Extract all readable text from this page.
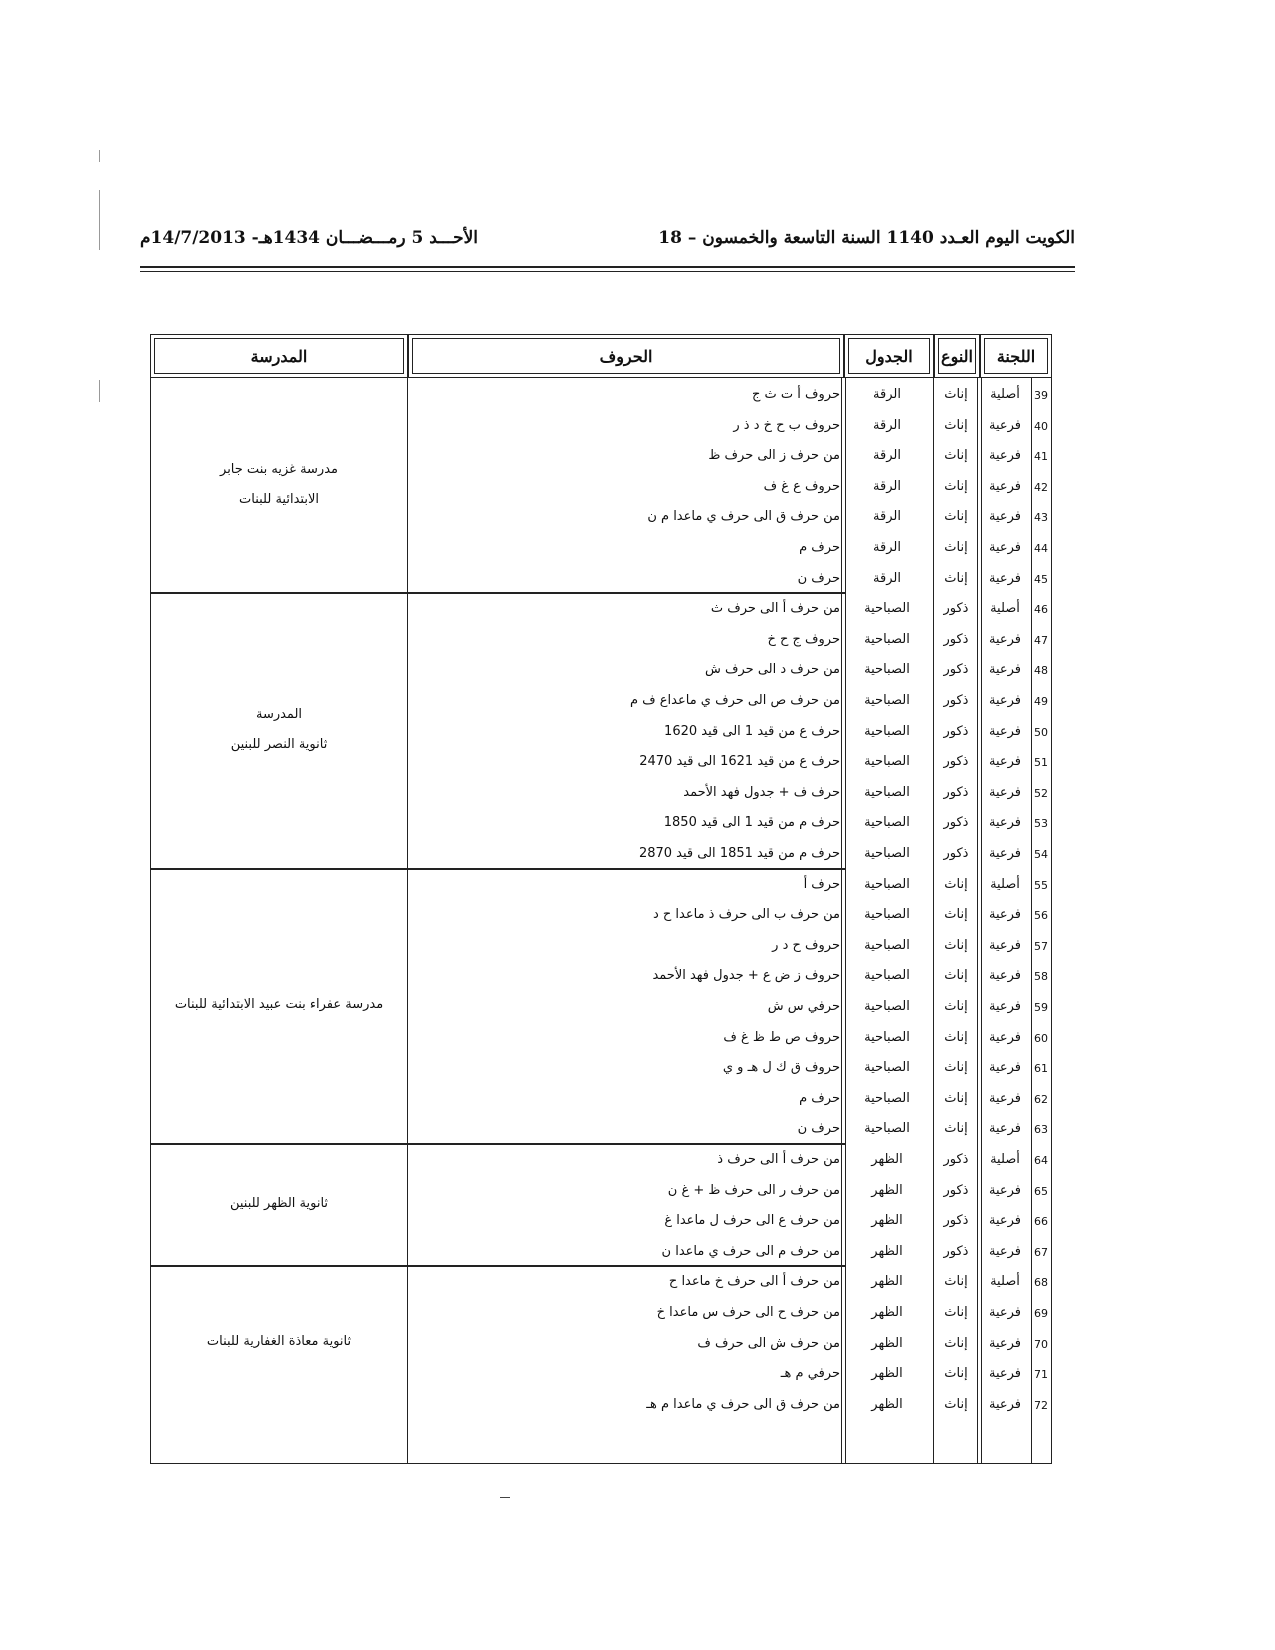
الكويت اليوم العـدد 1140 السنة التاسعة والخمسون – 18
الأحـــد 5 رمـــضـــان 1434هـ- 14/7/2013م
اللجنة
النوع
الجدول
الحروف
المدرسة
39
أصلية
إناث
الرقة
حروف أ ت ث ج
40
فرعية
إناث
الرقة
حروف ب ح خ د ذ ر
41
فرعية
إناث
الرقة
من حرف ز الى حرف ظ
42
فرعية
إناث
الرقة
حروف ع غ ف
43
فرعية
إناث
الرقة
من حرف ق الى حرف ي ماعدا م ن
44
فرعية
إناث
الرقة
حرف م
45
فرعية
إناث
الرقة
حرف ن
46
أصلية
ذكور
الصباحية
من حرف أ الى حرف ث
47
فرعية
ذكور
الصباحية
حروف ج ح خ
48
فرعية
ذكور
الصباحية
من حرف د الى حرف ش
49
فرعية
ذكور
الصباحية
من حرف ص الى حرف ي ماعداع ف م
50
فرعية
ذكور
الصباحية
حرف ع من قيد 1 الى قيد 1620
51
فرعية
ذكور
الصباحية
حرف ع من قيد 1621 الى قيد 2470
52
فرعية
ذكور
الصباحية
حرف ف + جدول فهد الأحمد
53
فرعية
ذكور
الصباحية
حرف م من قيد 1 الى قيد 1850
54
فرعية
ذكور
الصباحية
حرف م من قيد 1851 الى قيد 2870
55
أصلية
إناث
الصباحية
حرف أ
56
فرعية
إناث
الصباحية
من حرف ب الى حرف ذ ماعدا ح د
57
فرعية
إناث
الصباحية
حروف ح د ر
58
فرعية
إناث
الصباحية
حروف ز ض ع + جدول فهد الأحمد
59
فرعية
إناث
الصباحية
حرفي س ش
60
فرعية
إناث
الصباحية
حروف ص ط ظ غ ف
61
فرعية
إناث
الصباحية
حروف ق ك ل هـ و ي
62
فرعية
إناث
الصباحية
حرف م
63
فرعية
إناث
الصباحية
حرف ن
64
أصلية
ذكور
الظهر
من حرف أ الى حرف ذ
65
فرعية
ذكور
الظهر
من حرف ر الى حرف ظ + غ ن
66
فرعية
ذكور
الظهر
من حرف ع الى حرف ل ماعدا غ
67
فرعية
ذكور
الظهر
من حرف م الى حرف ي ماعدا ن
68
أصلية
إناث
الظهر
من حرف أ الى حرف خ ماعدا ح
69
فرعية
إناث
الظهر
من حرف ح الى حرف س ماعدا خ
70
فرعية
إناث
الظهر
من حرف ش الى حرف ف
71
فرعية
إناث
الظهر
حرفي م هـ
72
فرعية
إناث
الظهر
من حرف ق الى حرف ي ماعدا م هـ
مدرسة غزيه بنت جابر
الابتدائية للبنات
المدرسة
ثانوية النصر للبنين
مدرسة عفراء بنت عبيد الابتدائية للبنات
ثانوية الظهر للبنين
ثانوية معاذة الغفارية للبنات
